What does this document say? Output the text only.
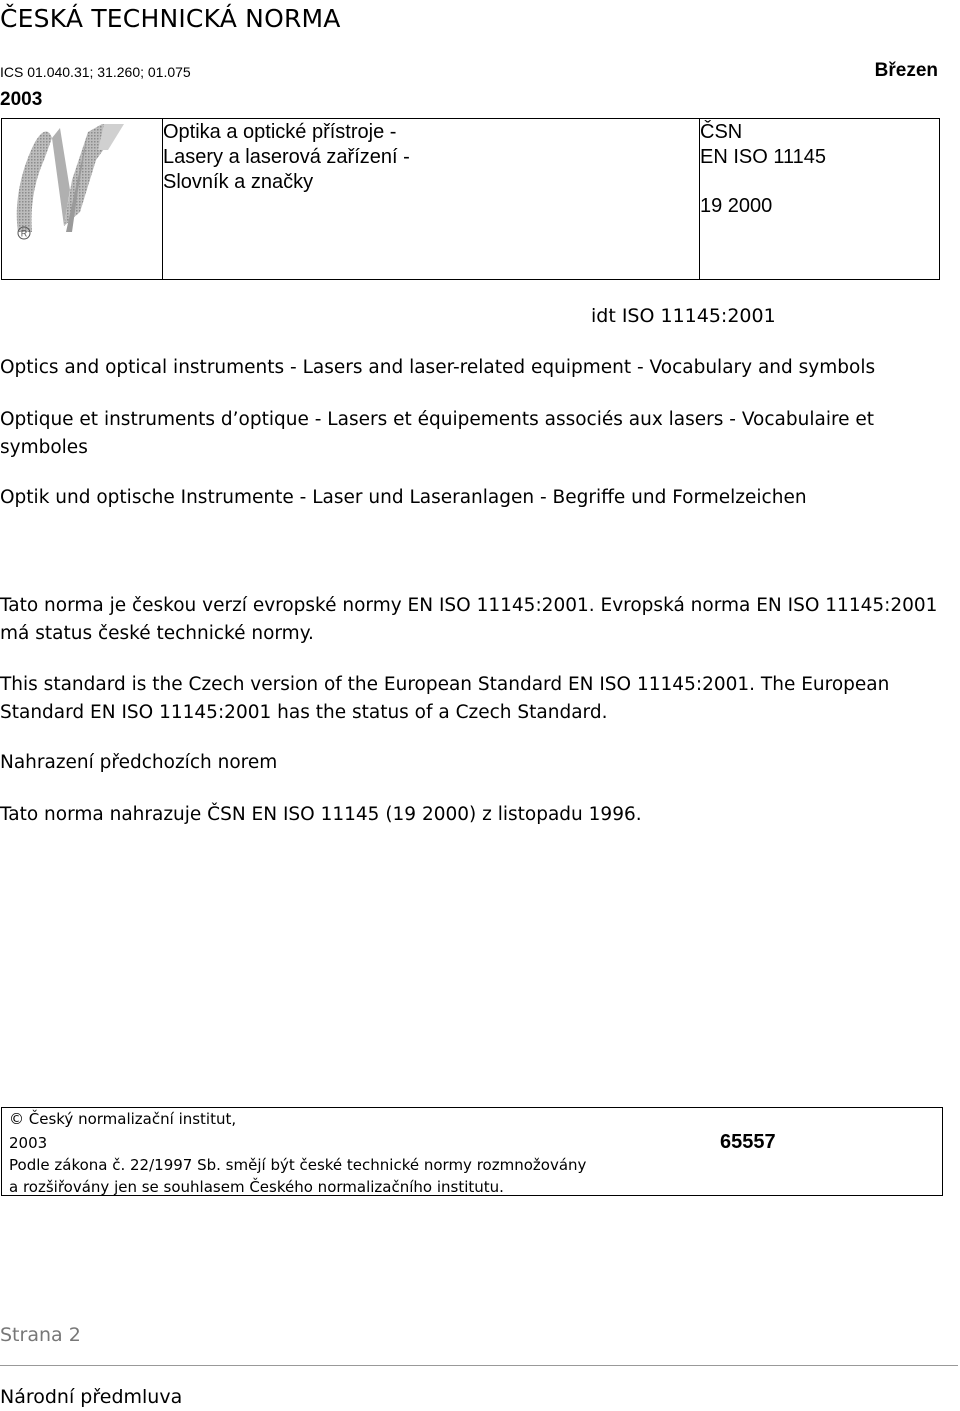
ČESKÁ TECHNICKÁ NORMA
ICS 01.040.31; 31.260; 01.075	Březen
2003
R
Optika a optické přístroje -
Lasery a laserová zařízení -
Slovník a značky
ČSN
EN ISO 11145
19 2000
idt ISO 11145:2001
Optics and optical instruments - Lasers and laser-related equipment - Vocabulary and symbols
Optique et instruments d’optique - Lasers et équipements associés aux lasers - Vocabulaire et symboles
Optik und optische Instrumente - Laser und Laseranlagen - Begriffe und Formelzeichen
Tato norma je českou verzí evropské normy EN ISO 11145:2001. Evropská norma EN ISO 11145:2001 má status české technické normy.
This standard is the Czech version of the European Standard EN ISO 11145:2001. The European Standard EN ISO 11145:2001 has the status of a Czech Standard.
Nahrazení předchozích norem
Tato norma nahrazuje ČSN EN ISO 11145 (19 2000) z listopadu 1996.
© Český normalizační institut,
2003
Podle zákona č. 22/1997 Sb. smějí být české technické normy rozmnožovány
a rozšiřovány jen se souhlasem Českého normalizačního institutu.
65557
Strana 2
Národní předmluva
